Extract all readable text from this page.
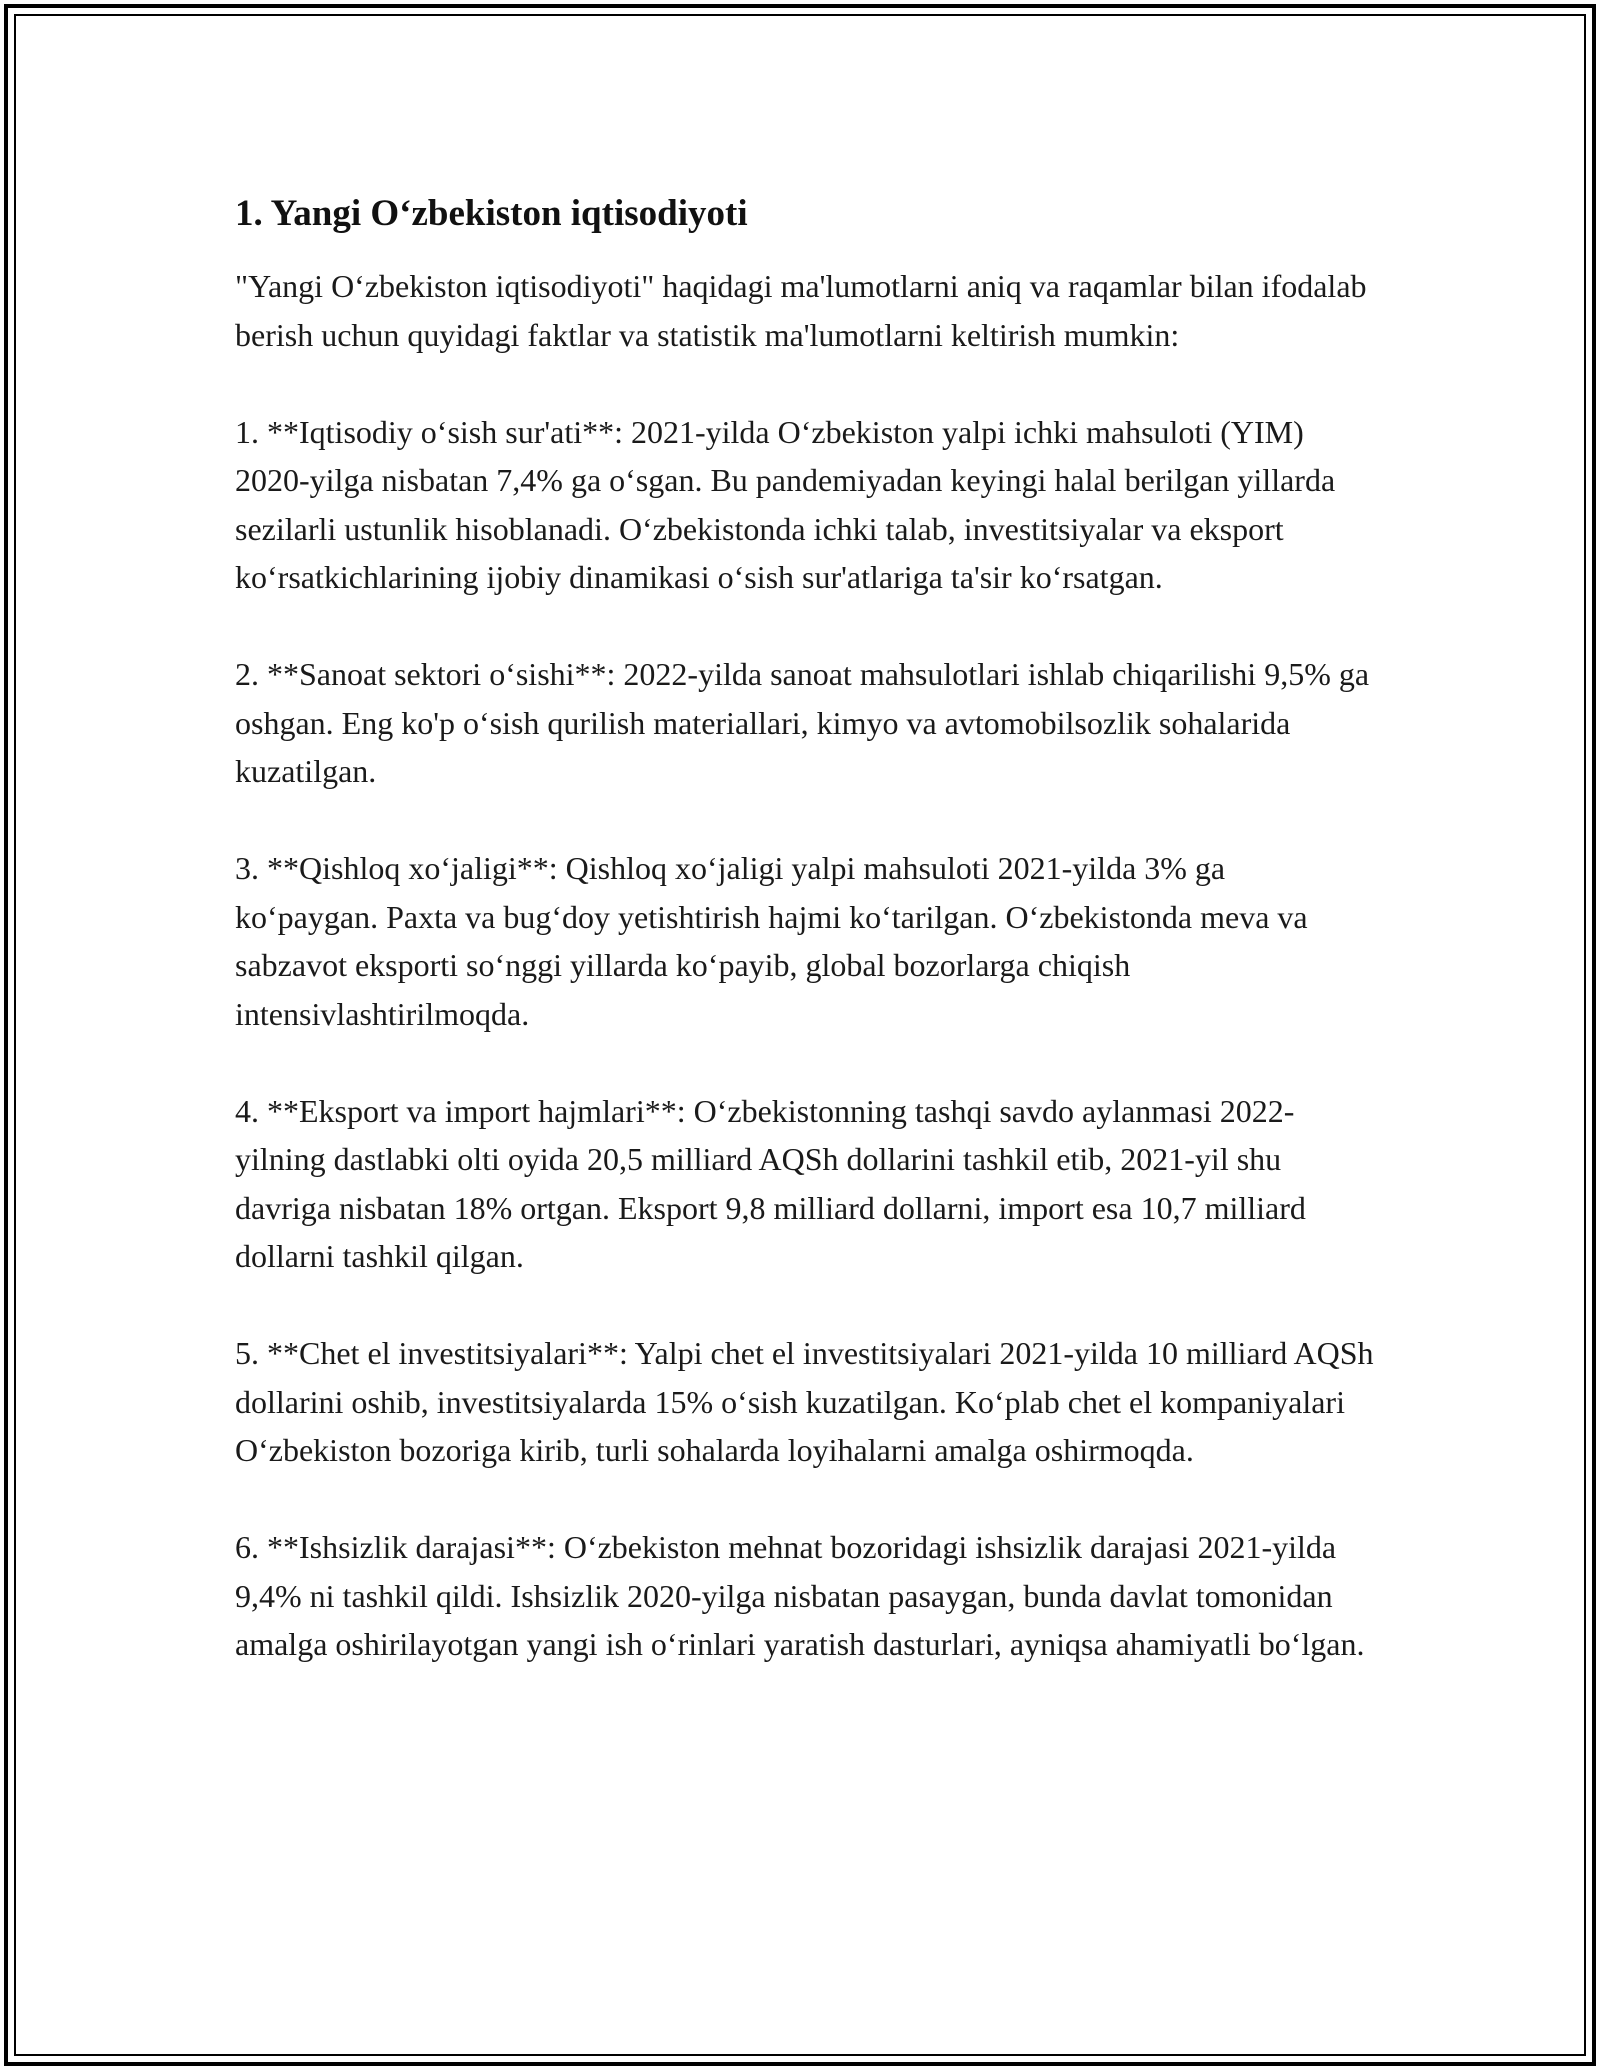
1. Yangi O‘zbekiston iqtisodiyoti

"Yangi O‘zbekiston iqtisodiyoti" haqidagi ma'lumotlarni aniq va raqamlar bilan ifodalab berish uchun quyidagi faktlar va statistik ma'lumotlarni keltirish mumkin:

1. **Iqtisodiy o‘sish sur'ati**: 2021-yilda O‘zbekiston yalpi ichki mahsuloti (YIM) 2020-yilga nisbatan 7,4% ga o‘sgan. Bu pandemiyadan keyingi halal berilgan yillarda sezilarli ustunlik hisoblanadi. O‘zbekistonda ichki talab, investitsiyalar va eksport ko‘rsatkichlarining ijobiy dinamikasi o‘sish sur'atlariga ta'sir ko‘rsatgan.

2. **Sanoat sektori o‘sishi**: 2022-yilda sanoat mahsulotlari ishlab chiqarilishi 9,5% ga oshgan. Eng ko'p o‘sish qurilish materiallari, kimyo va avtomobilsozlik sohalarida kuzatilgan.

3. **Qishloq xo‘jaligi**: Qishloq xo‘jaligi yalpi mahsuloti 2021-yilda 3% ga ko‘paygan. Paxta va bug‘doy yetishtirish hajmi ko‘tarilgan. O‘zbekistonda meva va sabzavot eksporti so‘nggi yillarda ko‘payib, global bozorlarga chiqish intensivlashtirilmoqda.

4. **Eksport va import hajmlari**: O‘zbekistonning tashqi savdo aylanmasi 2022-yilning dastlabki olti oyida 20,5 milliard AQSh dollarini tashkil etib, 2021-yil shu davriga nisbatan 18% ortgan. Eksport 9,8 milliard dollarni, import esa 10,7 milliard dollarni tashkil qilgan.

5. **Chet el investitsiyalari**: Yalpi chet el investitsiyalari 2021-yilda 10 milliard AQSh dollarini oshib, investitsiyalarda 15% o‘sish kuzatilgan. Ko‘plab chet el kompaniyalari O‘zbekiston bozoriga kirib, turli sohalarda loyihalarni amalga oshirmoqda.

6. **Ishsizlik darajasi**: O‘zbekiston mehnat bozoridagi ishsizlik darajasi 2021-yilda 9,4% ni tashkil qildi. Ishsizlik 2020-yilga nisbatan pasaygan, bunda davlat tomonidan amalga oshirilayotgan yangi ish o‘rinlari yaratish dasturlari, ayniqsa ahamiyatli bo‘lgan.
